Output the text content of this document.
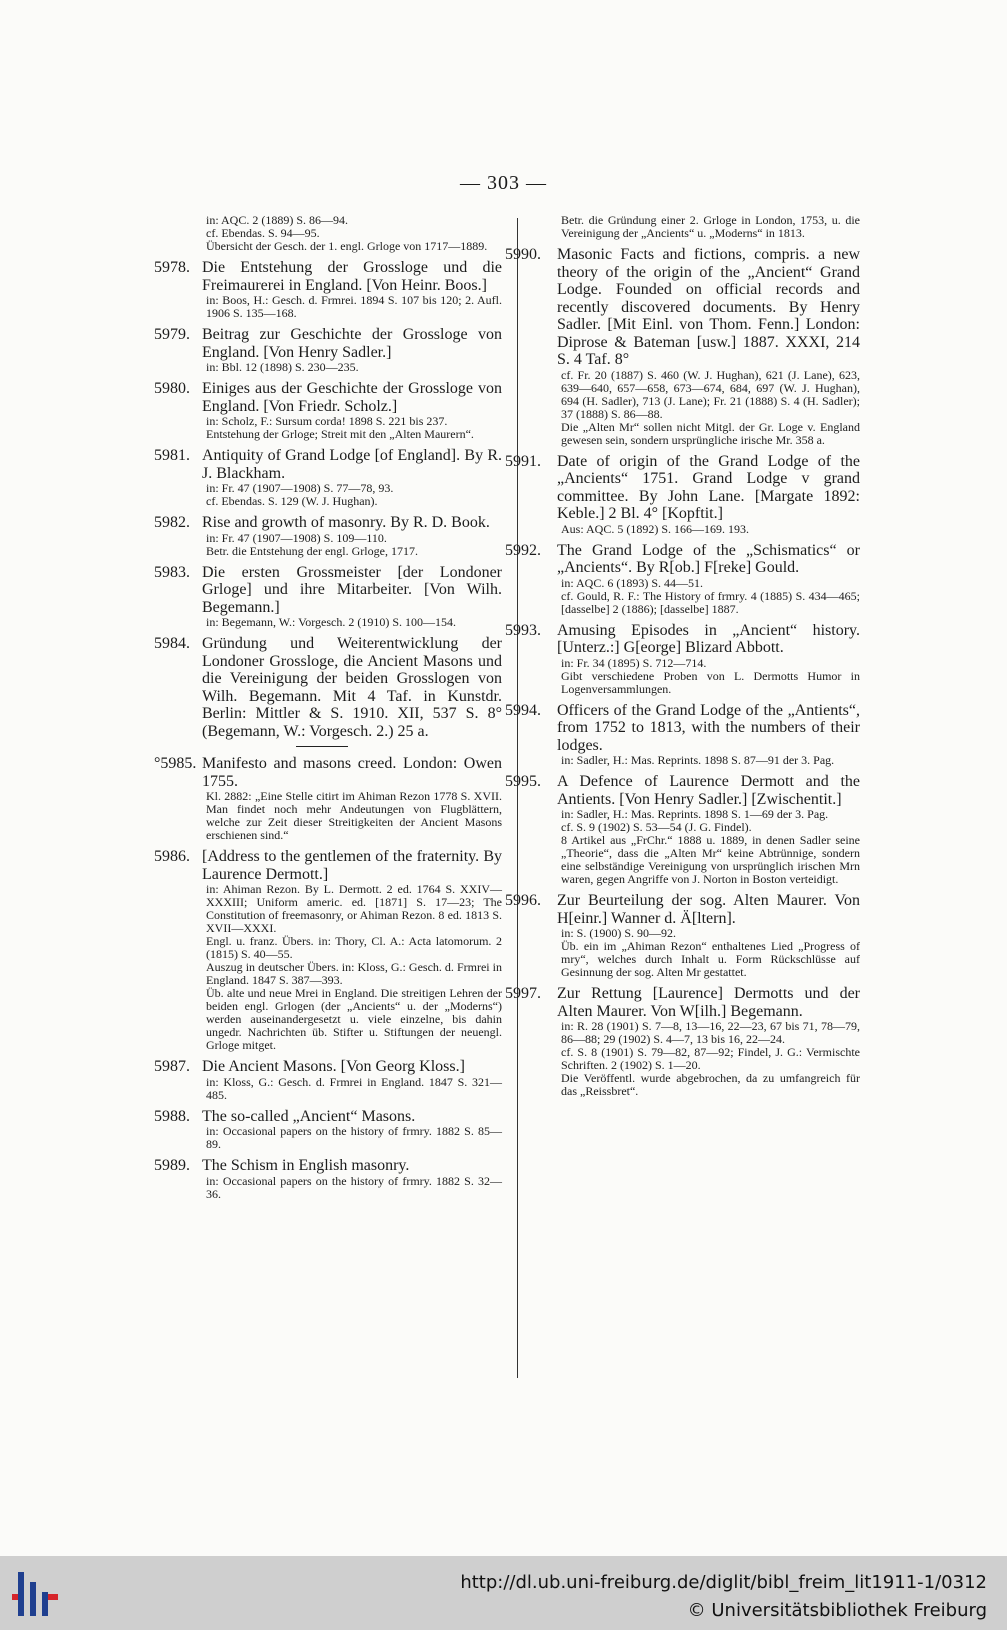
— 303 —
in: AQC. 2 (1889) S. 86—94.
cf. Ebendas. S. 94—95.
Übersicht der Gesch. der 1. engl. Grloge von 1717—1889.
5978. Die Entstehung der Grossloge und die Freimaurerei in England. [Von Heinr. Boos.]
in: Boos, H.: Gesch. d. Frmrei. 1894 S. 107 bis 120; 2. Aufl. 1906 S. 135—168.
5979. Beitrag zur Geschichte der Grossloge von England. [Von Henry Sadler.]
in: Bbl. 12 (1898) S. 230—235.
5980. Einiges aus der Geschichte der Grossloge von England. [Von Friedr. Scholz.]
in: Scholz, F.: Sursum corda! 1898 S. 221 bis 237.
Entstehung der Grloge; Streit mit den „Alten Maurern“.
5981. Antiquity of Grand Lodge [of England]. By R. J. Blackham.
in: Fr. 47 (1907—1908) S. 77—78, 93.
cf. Ebendas. S. 129 (W. J. Hughan).
5982. Rise and growth of masonry. By R. D. Book.
in: Fr. 47 (1907—1908) S. 109—110.
Betr. die Entstehung der engl. Grloge, 1717.
5983. Die ersten Grossmeister [der Londoner Grloge] und ihre Mitarbeiter. [Von Wilh. Begemann.]
in: Begemann, W.: Vorgesch. 2 (1910) S. 100—154.
5984. Gründung und Weiterentwicklung der Londoner Grossloge, die Ancient Masons und die Vereinigung der beiden Grosslogen von Wilh. Begemann. Mit 4 Taf. in Kunstdr. Berlin: Mittler & S. 1910. XII, 537 S. 8° (Begemann, W.: Vorgesch. 2.) 25 a.
°5985. Manifesto and masons creed. London: Owen 1755.
Kl. 2882: „Eine Stelle citirt im Ahiman Rezon 1778 S. XVII. Man findet noch mehr Andeutungen von Flugblättern, welche zur Zeit dieser Streitigkeiten der Ancient Masons erschienen sind.“
5986. [Address to the gentlemen of the fraternity. By Laurence Dermott.]
in: Ahiman Rezon. By L. Dermott. 2 ed. 1764 S. XXIV—XXXIII; Uniform americ. ed. [1871] S. 17—23; The Constitution of freemasonry, or Ahiman Rezon. 8 ed. 1813 S. XVII—XXXI.
Engl. u. franz. Übers. in: Thory, Cl. A.: Acta latomorum. 2 (1815) S. 40—55.
Auszug in deutscher Übers. in: Kloss, G.: Gesch. d. Frmrei in England. 1847 S. 387—393.
Üb. alte und neue Mrei in England. Die streitigen Lehren der beiden engl. Grlogen (der „Ancients“ u. der „Moderns“) werden auseinandergesetzt u. viele einzelne, bis dahin ungedr. Nachrichten üb. Stifter u. Stiftungen der neuengl. Grloge mitget.
5987. Die Ancient Masons. [Von Georg Kloss.]
in: Kloss, G.: Gesch. d. Frmrei in England. 1847 S. 321—485.
5988. The so-called „Ancient“ Masons.
in: Occasional papers on the history of frmry. 1882 S. 85—89.
5989. The Schism in English masonry.
in: Occasional papers on the history of frmry. 1882 S. 32—36.
Betr. die Gründung einer 2. Grloge in London, 1753, u. die Vereinigung der „Ancients“ u. „Moderns“ in 1813.
5990. Masonic Facts and fictions, compris. a new theory of the origin of the „Ancient“ Grand Lodge. Founded on official records and recently discovered documents. By Henry Sadler. [Mit Einl. von Thom. Fenn.] London: Diprose & Bateman [usw.] 1887. XXXI, 214 S. 4 Taf. 8°
cf. Fr. 20 (1887) S. 460 (W. J. Hughan), 621 (J. Lane), 623, 639—640, 657—658, 673—674, 684, 697 (W. J. Hughan), 694 (H. Sadler), 713 (J. Lane); Fr. 21 (1888) S. 4 (H. Sadler); 37 (1888) S. 86—88.
Die „Alten Mr“ sollen nicht Mitgl. der Gr. Loge v. England gewesen sein, sondern ursprüngliche irische Mr. 358 a.
5991. Date of origin of the Grand Lodge of the „Ancients“ 1751. Grand Lodge v grand committee. By John Lane. [Margate 1892: Keble.] 2 Bl. 4° [Kopftit.]
Aus: AQC. 5 (1892) S. 166—169. 193.
5992. The Grand Lodge of the „Schismatics“ or „Ancients“. By R[ob.] F[reke] Gould.
in: AQC. 6 (1893) S. 44—51.
cf. Gould, R. F.: The History of frmry. 4 (1885) S. 434—465; [dasselbe] 2 (1886); [dasselbe] 1887.
5993. Amusing Episodes in „Ancient“ history. [Unterz.:] G[eorge] Blizard Abbott.
in: Fr. 34 (1895) S. 712—714.
Gibt verschiedene Proben von L. Dermotts Humor in Logenversammlungen.
5994. Officers of the Grand Lodge of the „Antients“, from 1752 to 1813, with the numbers of their lodges.
in: Sadler, H.: Mas. Reprints. 1898 S. 87—91 der 3. Pag.
5995. A Defence of Laurence Dermott and the Antients. [Von Henry Sadler.] [Zwischentit.]
in: Sadler, H.: Mas. Reprints. 1898 S. 1—69 der 3. Pag.
cf. S. 9 (1902) S. 53—54 (J. G. Findel).
8 Artikel aus „FrChr.“ 1888 u. 1889, in denen Sadler seine „Theorie“, dass die „Alten Mr“ keine Abtrünnige, sondern eine selbständige Vereinigung von ursprünglich irischen Mrn waren, gegen Angriffe von J. Norton in Boston verteidigt.
5996. Zur Beurteilung der sog. Alten Maurer. Von H[einr.] Wanner d. Ä[ltern].
in: S. (1900) S. 90—92.
Üb. ein im „Ahiman Rezon“ enthaltenes Lied „Progress of mry“, welches durch Inhalt u. Form Rückschlüsse auf Gesinnung der sog. Alten Mr gestattet.
5997. Zur Rettung [Laurence] Dermotts und der Alten Maurer. Von W[ilh.] Begemann.
in: R. 28 (1901) S. 7—8, 13—16, 22—23, 67 bis 71, 78—79, 86—88; 29 (1902) S. 4—7, 13 bis 16, 22—24.
cf. S. 8 (1901) S. 79—82, 87—92; Findel, J. G.: Vermischte Schriften. 2 (1902) S. 1—20.
Die Veröffentl. wurde abgebrochen, da zu umfangreich für das „Reissbret“.
http://dl.ub.uni-freiburg.de/diglit/bibl_freim_lit1911-1/0312
© Universitätsbibliothek Freiburg
